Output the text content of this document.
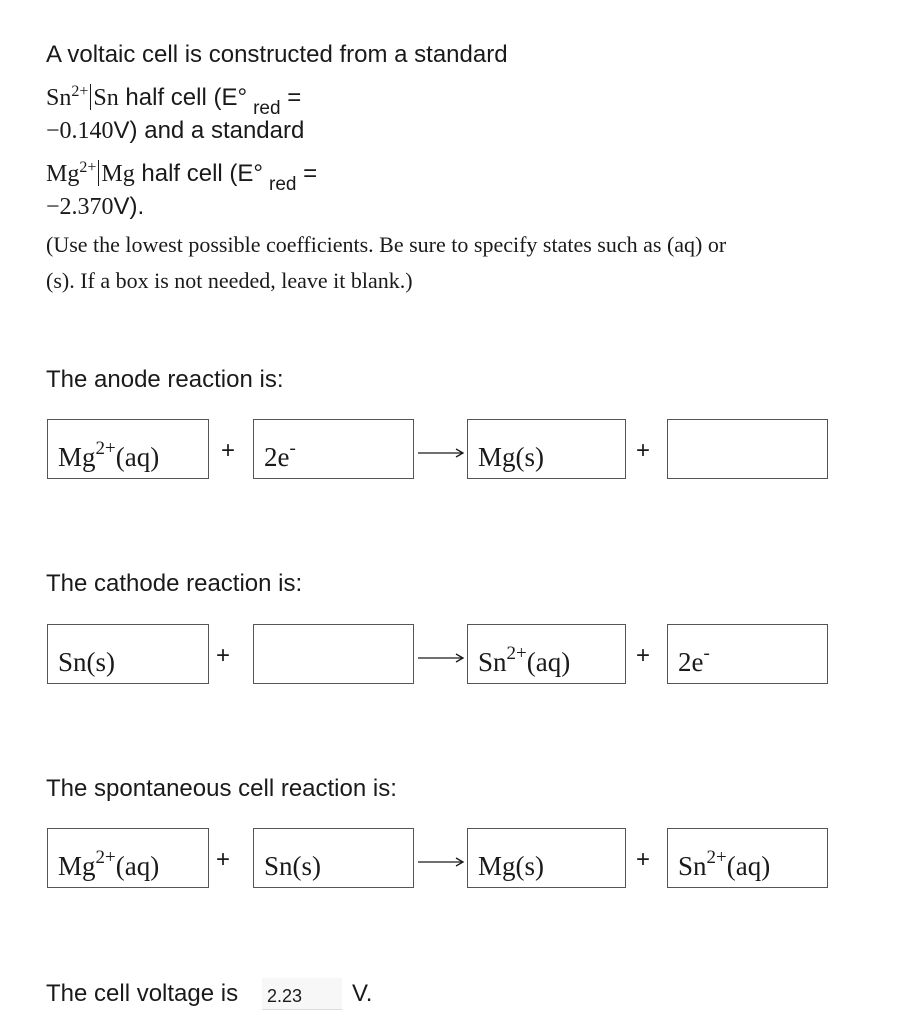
A voltaic cell is constructed from a standard
$Sn^{2+}$ Sn half cell (E° $_{red}$ =
−0.140V) and a standard
$Mg^{2+}$ Mg half cell (E° $_{red}$ =
−2.370V).
(Use the lowest possible coefficients. Be sure to specify states such as (aq) or
(s). If a box is not needed, leave it blank.)
The anode reaction is:
$Mg^{2+}(aq)$	+	2e-	→ Mg(s)	+
The cathode reaction is:
Sn(s)	+	→ $Sn^{2+}(aq)$	+	2e-
The spontaneous cell reaction is:
$Mg^{2+}(aq)$	+	Sn(s)	→ Mg(s)	+	$Sn^{2+}(aq)$
The cell voltage is 2.23	V.
